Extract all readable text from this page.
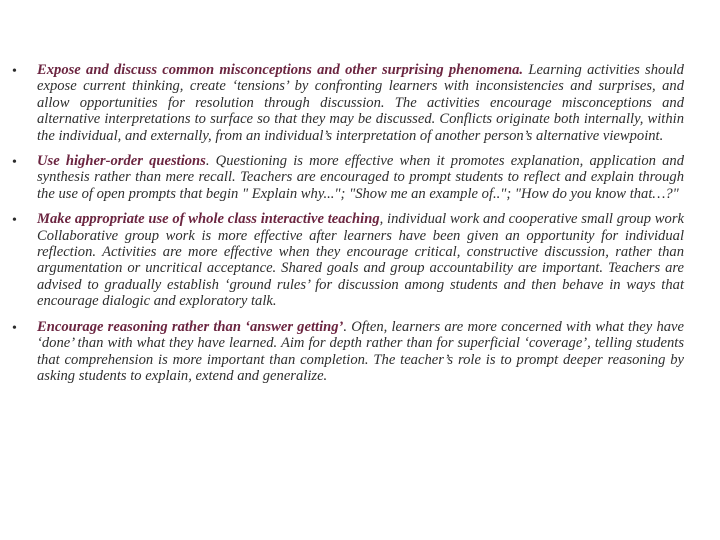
• Expose and discuss common misconceptions and other surprising phenomena. Learning activities should expose current thinking, create ‘tensions’ by confronting learners with inconsistencies and surprises, and allow opportunities for resolution through discussion. The activities encourage misconceptions and alternative interpretations to surface so that they may be discussed. Conflicts originate both internally, within the individual, and externally, from an individual’s interpretation of another person’s alternative viewpoint.

• Use higher-order questions. Questioning is more effective when it promotes explanation, application and synthesis rather than mere recall. Teachers are encouraged to prompt students to reflect and explain through the use of open prompts that begin " Explain why..."; "Show me an example of.."; "How do you know that…?"

• Make appropriate use of whole class interactive teaching, individual work and cooperative small group work Collaborative group work is more effective after learners have been given an opportunity for individual reflection. Activities are more effective when they encourage critical, constructive discussion, rather than argumentation or uncritical acceptance. Shared goals and group accountability are important. Teachers are advised to gradually establish ‘ground rules’ for discussion among students and then behave in ways that encourage dialogic and exploratory talk.

• Encourage reasoning rather than ‘answer getting’. Often, learners are more concerned with what they have ‘done’ than with what they have learned. Aim for depth rather than for superficial ‘coverage’, telling students that comprehension is more important than completion. The teacher’s role is to prompt deeper reasoning by asking students to explain, extend and generalize.
